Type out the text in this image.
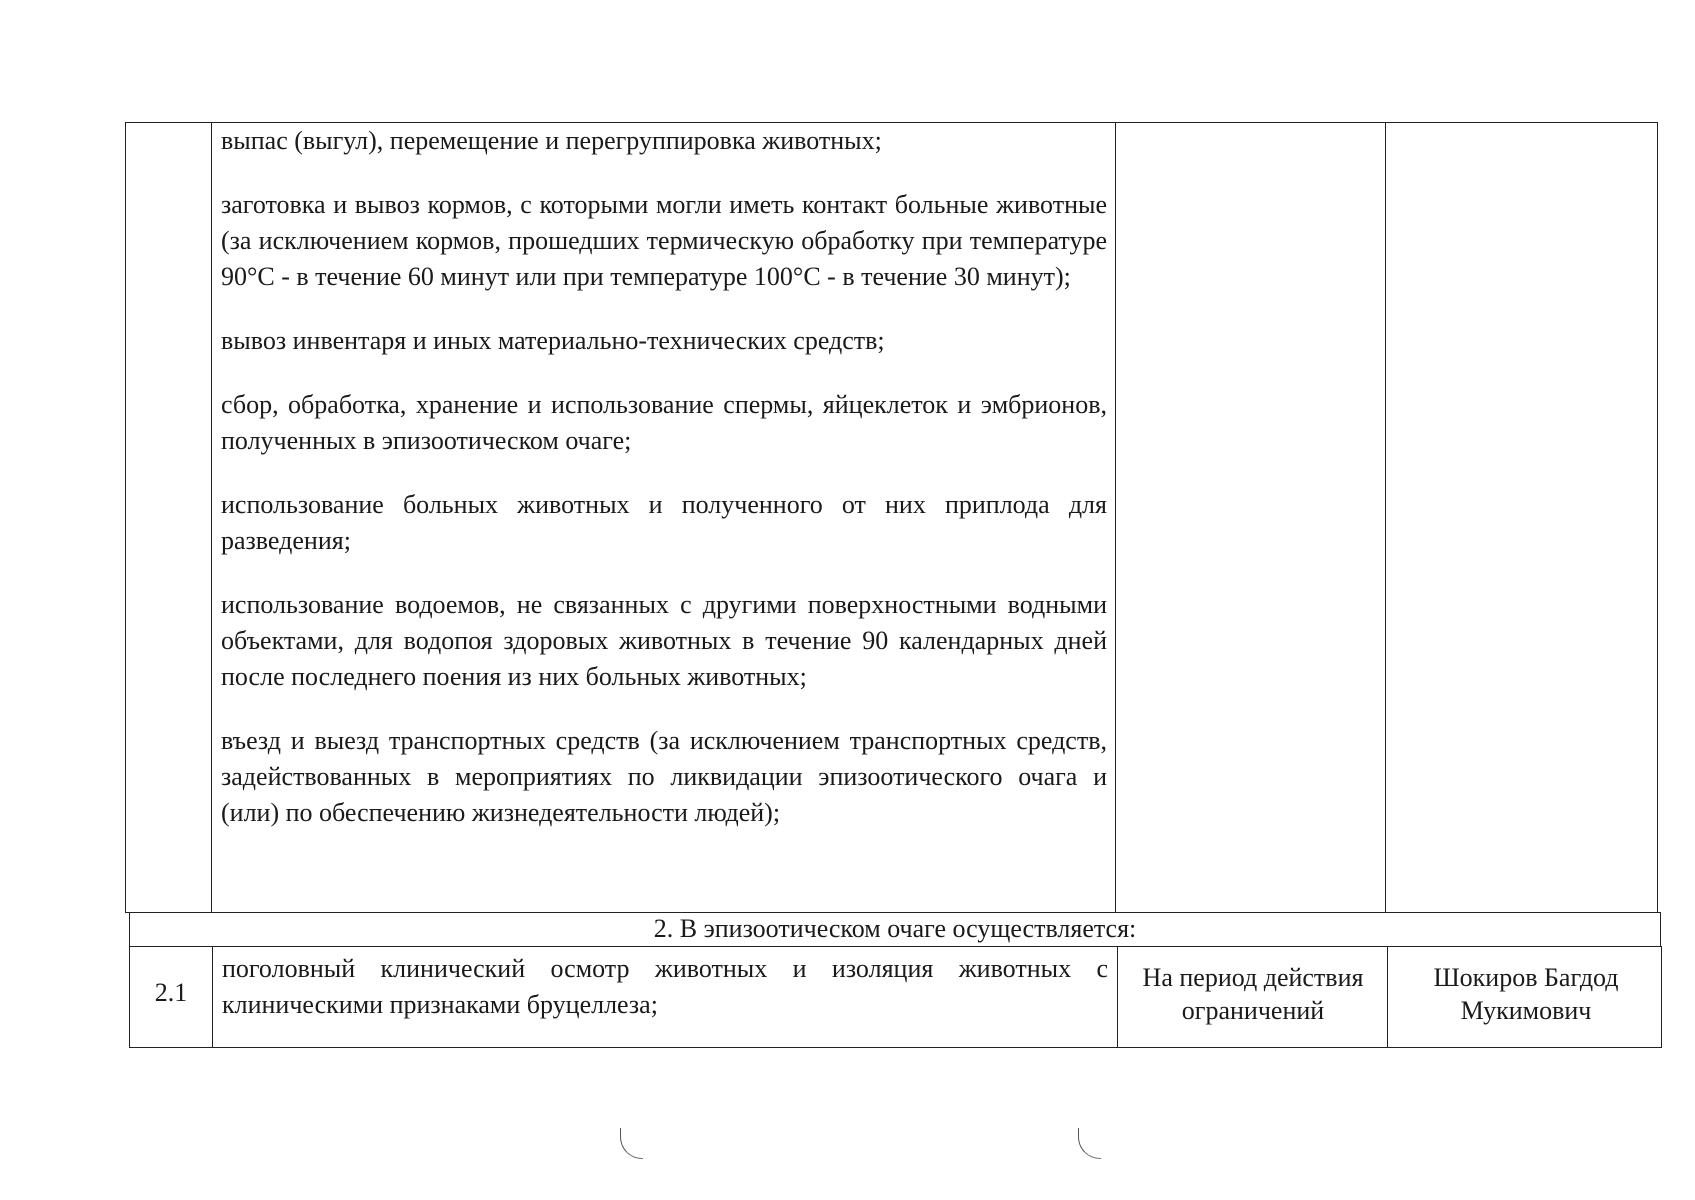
выпас (выгул), перемещение и перегруппировка животных;

заготовка и вывоз кормов, с которыми могли иметь контакт больные животные (за исключением кормов, прошедших термическую обработку при температуре 90°С - в течение 60 минут или при температуре 100°С - в течение 30 минут);

вывоз инвентаря и иных материально-технических средств;

сбор, обработка, хранение и использование спермы, яйцеклеток и эмбрионов, полученных в эпизоотическом очаге;

использование больных животных и полученного от них приплода для разведения;

использование водоемов, не связанных с другими поверхностными водными объектами, для водопоя здоровых животных в течение 90 календарных дней после последнего поения из них больных животных;

въезд и выезд транспортных средств (за исключением транспортных средств, задействованных в мероприятиях по ликвидации эпизоотического очага и (или) по обеспечению жизнедеятельности людей);

2. В эпизоотическом очаге осуществляется:
2.1
поголовный клинический осмотр животных и изоляция животных с клиническими признаками бруцеллеза;
На период действия ограничений
Шокиров Багдод Мукимович
